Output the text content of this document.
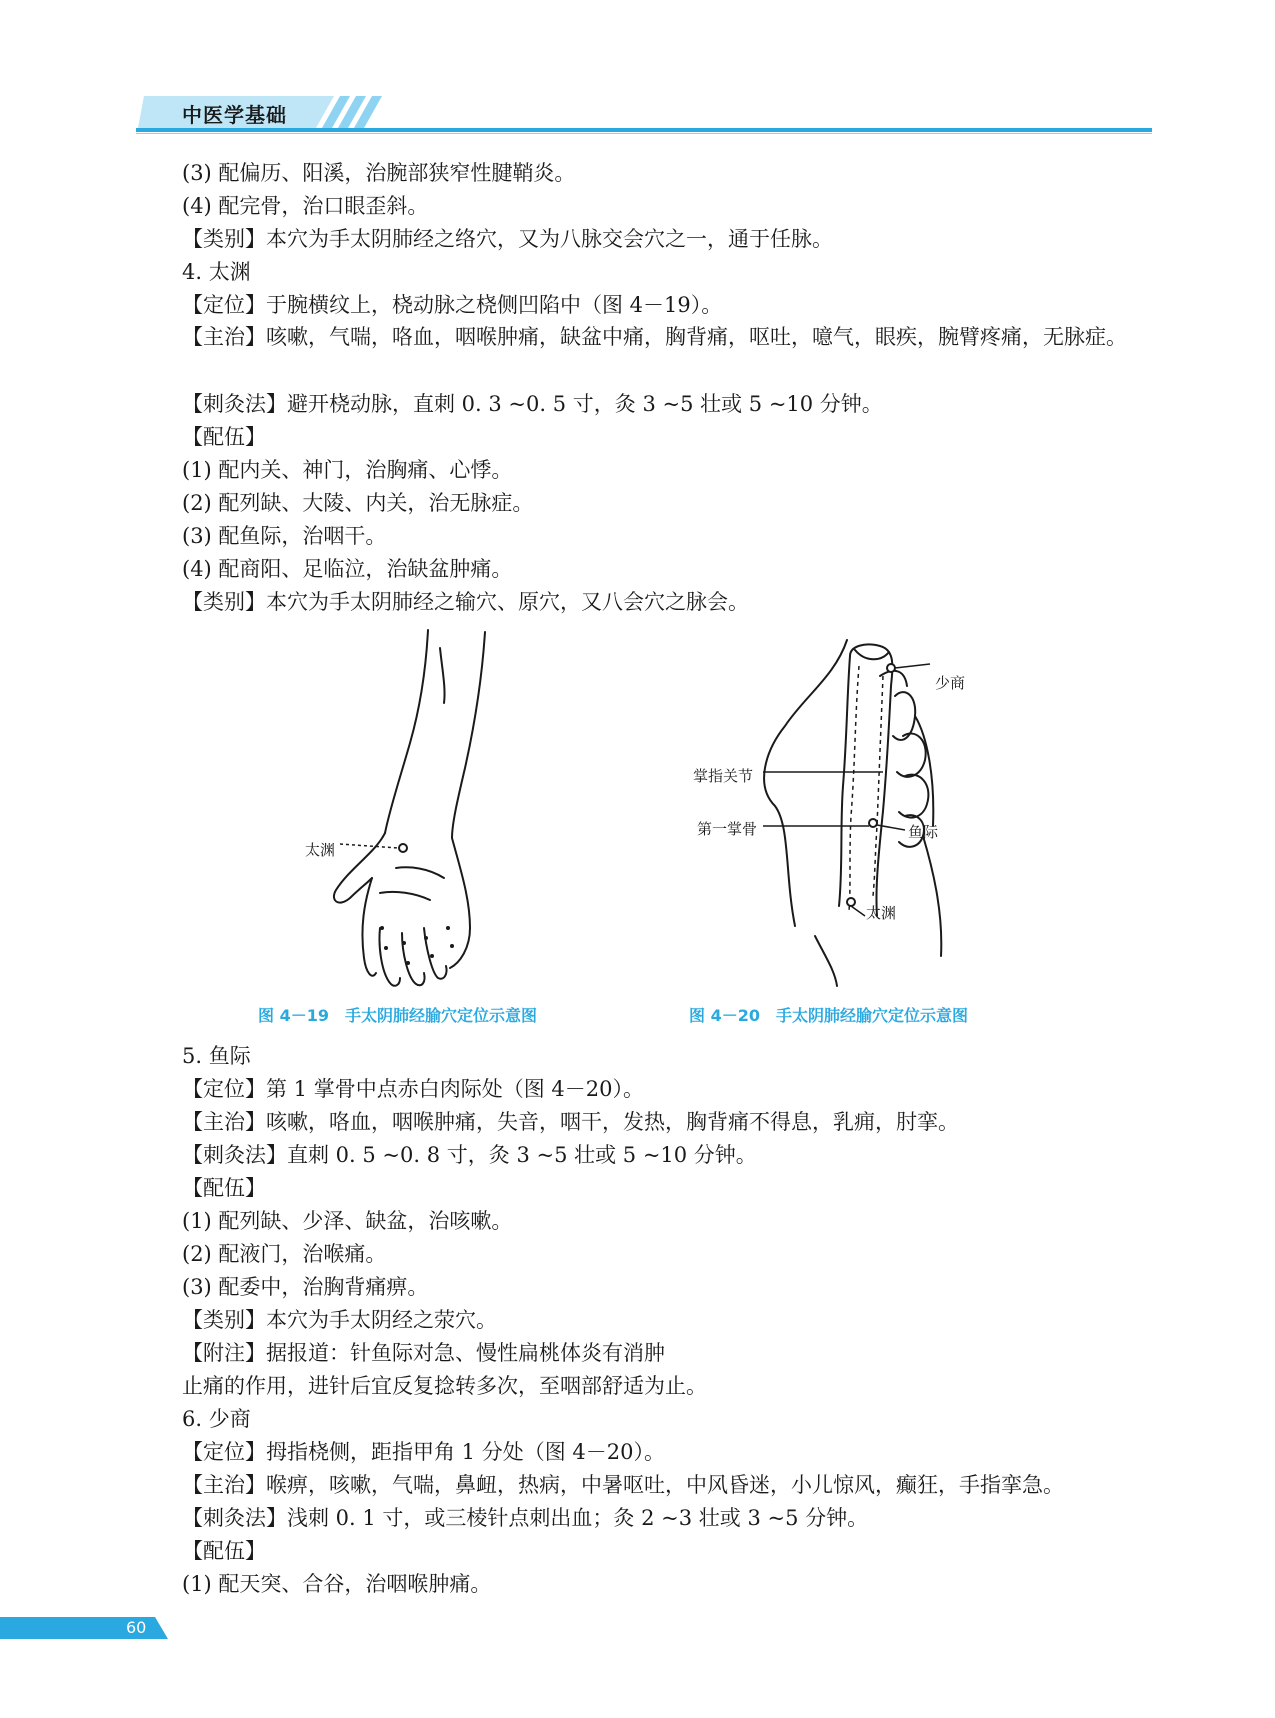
中医学基础
(3) 配偏历、阳溪，治腕部狭窄性腱鞘炎。
(4) 配完骨，治口眼歪斜。
【类别】本穴为手太阴肺经之络穴，又为八脉交会穴之一，通于任脉。
4. 太渊
【定位】于腕横纹上，桡动脉之桡侧凹陷中（图 4－19）。
【主治】咳嗽，气喘，咯血，咽喉肿痛，缺盆中痛，胸背痛，呕吐，噫气，眼疾，腕臂疼痛，无脉症。
【刺灸法】避开桡动脉，直刺 0. 3 ~0. 5 寸，灸 3 ~5 壮或 5 ~10 分钟。
【配伍】
(1) 配内关、神门，治胸痛、心悸。
(2) 配列缺、大陵、内关，治无脉症。
(3) 配鱼际，治咽干。
(4) 配商阳、足临泣，治缺盆肿痛。
【类别】本穴为手太阴肺经之输穴、原穴，又八会穴之脉会。
太渊
图 4－19　手太阴肺经腧穴定位示意图
少商
掌指关节
第一掌骨	鱼际
太渊
图 4－20　手太阴肺经腧穴定位示意图
5. 鱼际
【定位】第 1 掌骨中点赤白肉际处（图 4－20）。
【主治】咳嗽，咯血，咽喉肿痛，失音，咽干，发热，胸背痛不得息，乳痈，肘挛。
【刺灸法】直刺 0. 5 ~0. 8 寸，灸 3 ~5 壮或 5 ~10 分钟。
【配伍】
(1) 配列缺、少泽、缺盆，治咳嗽。
(2) 配液门，治喉痛。
(3) 配委中，治胸背痛痹。
【类别】本穴为手太阴经之荥穴。
【附注】据报道：针鱼际对急、慢性扁桃体炎有消肿
止痛的作用，进针后宜反复捻转多次，至咽部舒适为止。
6. 少商
【定位】拇指桡侧，距指甲角 1 分处（图 4－20）。
【主治】喉痹，咳嗽，气喘，鼻衄，热病，中暑呕吐，中风昏迷，小儿惊风，癫狂，手指挛急。
【刺灸法】浅刺 0. 1 寸，或三棱针点刺出血；灸 2 ~3 壮或 3 ~5 分钟。
【配伍】
(1) 配天突、合谷，治咽喉肿痛。
60
